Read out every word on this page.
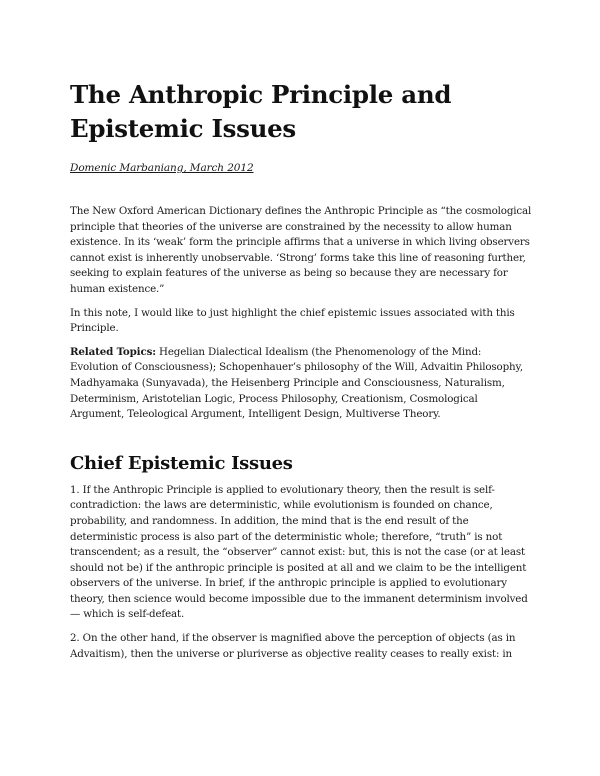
The Anthropic Principle and
Epistemic Issues
Domenic Marbaniang, March 2012

The New Oxford American Dictionary defines the Anthropic Principle as “the cosmological principle that theories of the universe are constrained by the necessity to allow human existence. In its ‘weak’ form the principle affirms that a universe in which living observers cannot exist is inherently unobservable. ‘Strong’ forms take this line of reasoning further, seeking to explain features of the universe as being so because they are necessary for human existence.”

In this note, I would like to just highlight the chief epistemic issues associated with this Principle.

Related Topics: Hegelian Dialectical Idealism (the Phenomenology of the Mind: Evolution of Consciousness); Schopenhauer’s philosophy of the Will, Advaitin Philosophy, Madhyamaka (Sunyavada), the Heisenberg Principle and Consciousness, Naturalism, Determinism, Aristotelian Logic, Process Philosophy, Creationism, Cosmological Argument, Teleological Argument, Intelligent Design, Multiverse Theory.

Chief Epistemic Issues

1. If the Anthropic Principle is applied to evolutionary theory, then the result is self-contradiction: the laws are deterministic, while evolutionism is founded on chance, probability, and randomness. In addition, the mind that is the end result of the deterministic process is also part of the deterministic whole; therefore, “truth” is not transcendent; as a result, the “observer” cannot exist: but, this is not the case (or at least should not be) if the anthropic principle is posited at all and we claim to be the intelligent observers of the universe. In brief, if the anthropic principle is applied to evolutionary theory, then science would become impossible due to the immanent determinism involved — which is self-defeat.

2. On the other hand, if the observer is magnified above the perception of objects (as in Advaitism), then the universe or pluriverse as objective reality ceases to really exist: in
